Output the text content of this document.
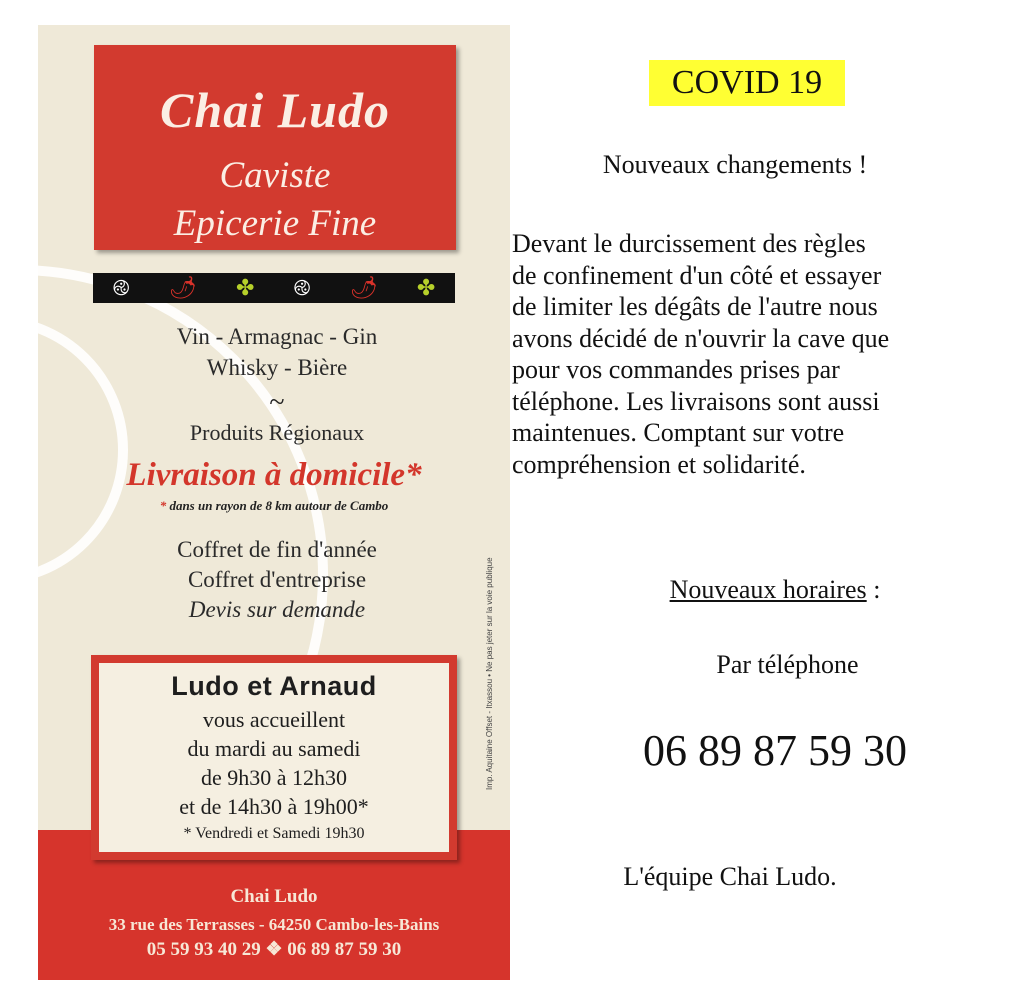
Chai Ludo
Caviste
Epicerie Fine
࿋ 🌶 ✤ ࿋ 🌶 ✤
Vin - Armagnac - Gin
Whisky - Bière
~
Produits Régionaux
Livraison à domicile*
* dans un rayon de 8 km autour de Cambo
Coffret de fin d'année
Coffret d'entreprise
Devis sur demande	Imp. Aquitaine Offset - Itxassou • Ne pas jeter sur la voie publique
Ludo et Arnaud
vous accueillent
du mardi au samedi
de 9h30 à 12h30
et de 14h30 à 19h00*
* Vendredi et Samedi 19h30
Chai Ludo
33 rue des Terrasses - 64250 Cambo-les-Bains
05 59 93 40 29 ❖ 06 89 87 59 30
COVID 19
Nouveaux changements !
Devant le durcissement des règles
de confinement d'un côté et essayer
de limiter les dégâts de l'autre nous
avons décidé de n'ouvrir la cave que
pour vos commandes prises par
téléphone. Les livraisons sont aussi
maintenues. Comptant sur votre
compréhension et solidarité.
Nouveaux horaires :
Par téléphone
06 89 87 59 30
L'équipe Chai Ludo.
